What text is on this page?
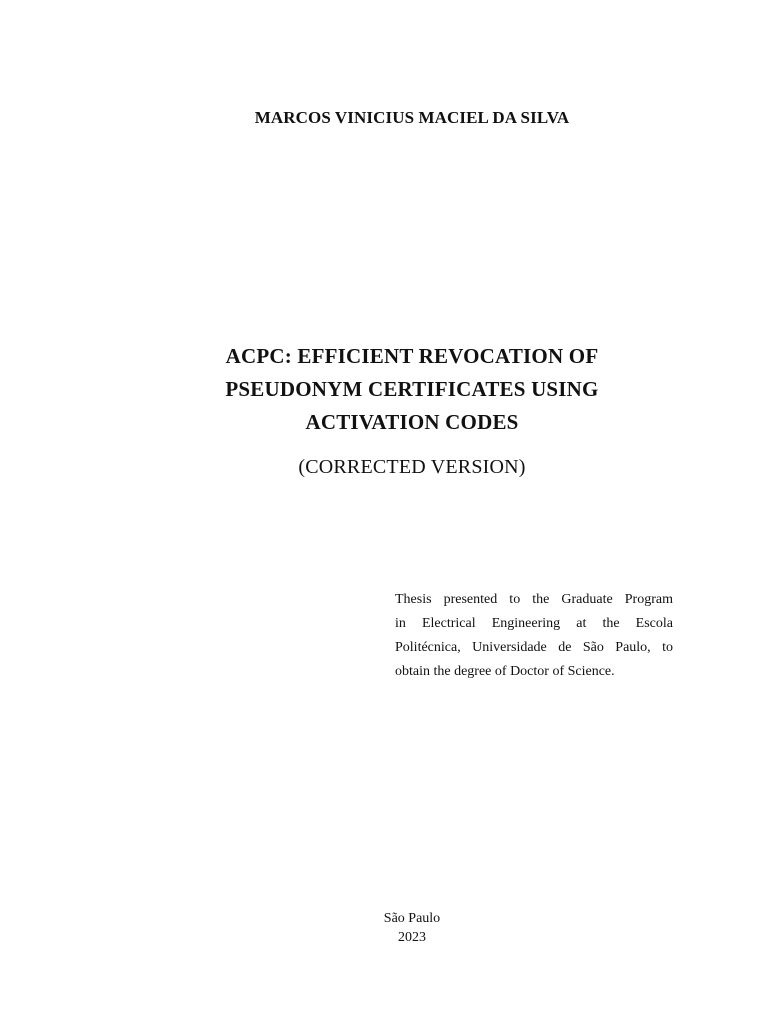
MARCOS VINICIUS MACIEL DA SILVA
ACPC: EFFICIENT REVOCATION OF
PSEUDONYM CERTIFICATES USING
ACTIVATION CODES
(CORRECTED VERSION)
Thesis presented to the Graduate Program
in Electrical Engineering at the Escola
Politécnica, Universidade de São Paulo, to
obtain the degree of Doctor of Science.
São Paulo
2023
